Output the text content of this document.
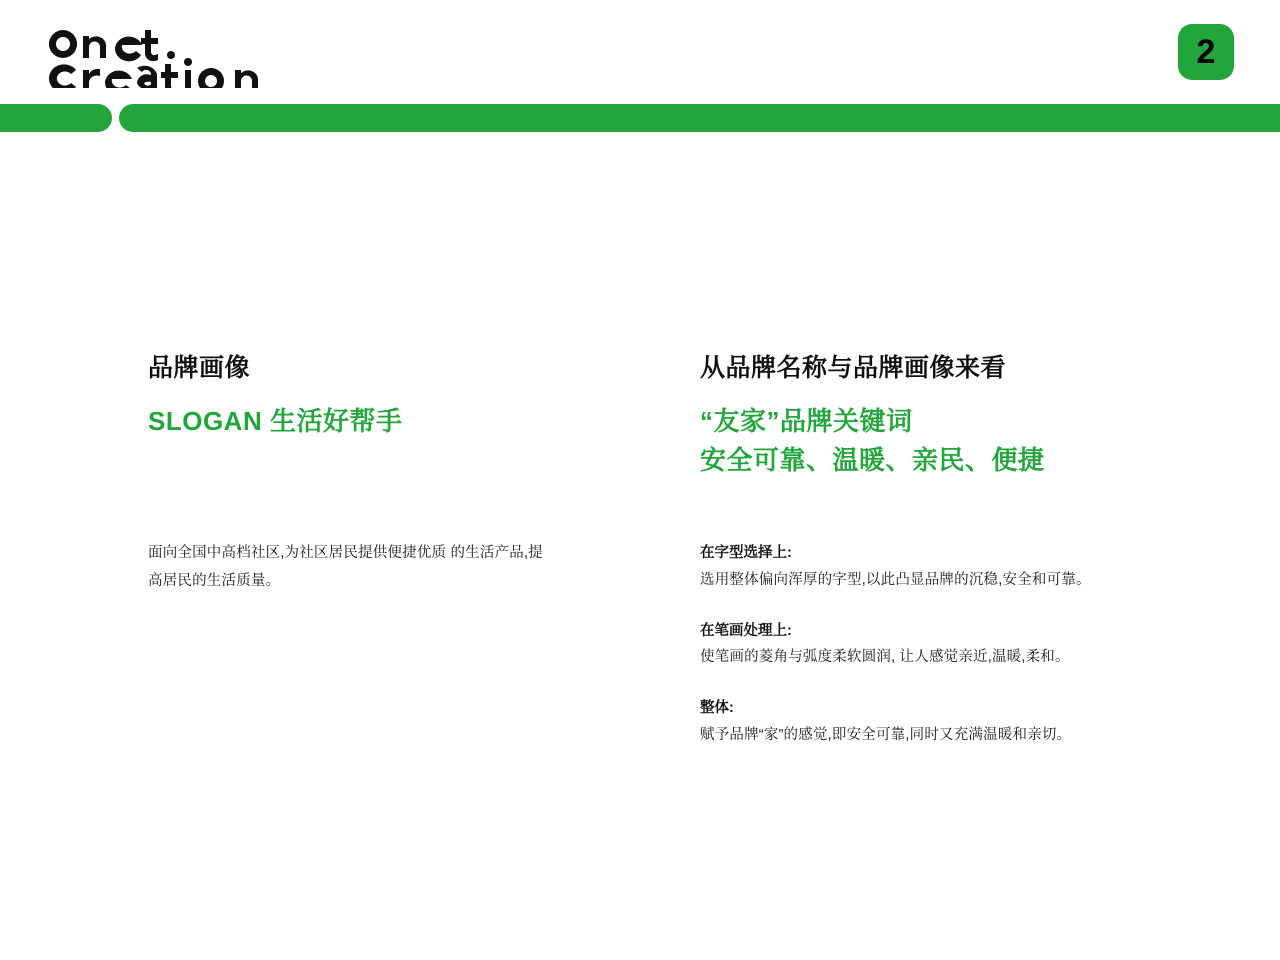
2
品牌画像
SLOGAN 生活好帮手
面向全国中高档社区,为社区居民提供便捷优质 的生活产品,提高居民的生活质量。
从品牌名称与品牌画像来看
“友家”品牌关键词
安全可靠、温暖、亲民、便捷
在字型选择上:
选用整体偏向浑厚的字型,以此凸显品牌的沉稳,安全和可靠。
在笔画处理上:
使笔画的菱角与弧度柔软圆润, 让人感觉亲近,温暖,柔和。
整体:
赋予品牌“家”的感觉,即安全可靠,同时又充满温暖和亲切。
